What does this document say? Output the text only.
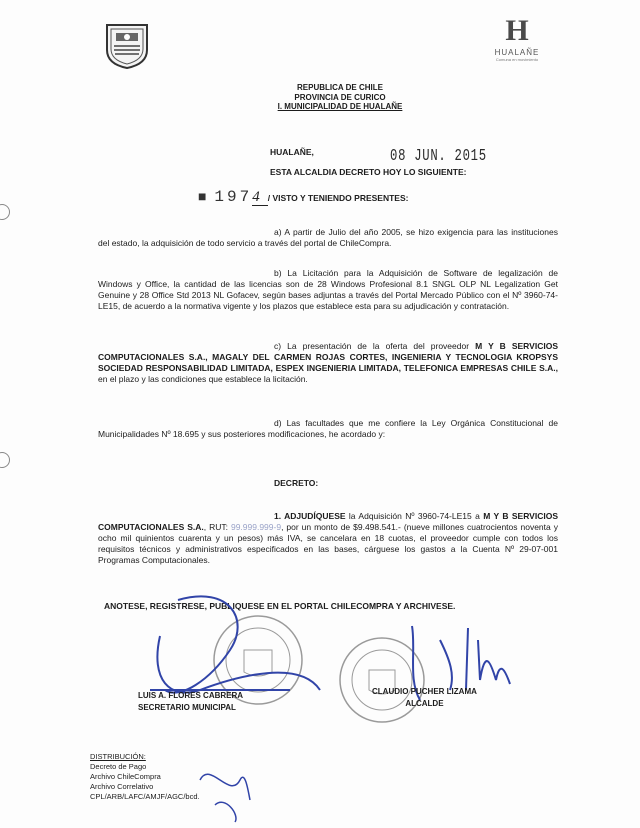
H
HUALAÑE
Comuna en movimiento
REPUBLICA DE CHILE
PROVINCIA DE CURICO
I. MUNICIPALIDAD DE HUALAÑE
HUALAÑE,	08 JUN. 2015
ESTA ALCALDIA DECRETO HOY LO SIGUIENTE:
■ 1974 / VISTO Y TENIENDO PRESENTES:
a) A partir de Julio del año 2005, se hizo exigencia para las instituciones del estado, la adquisición de todo servicio a través del portal de ChileCompra.
b) La Licitación para la Adquisición de Software de legalización de Windows y Office, la cantidad de las licencias son de 28 Windows Profesional 8.1 SNGL OLP NL Legalization Get Genuine y 28 Office Std 2013 NL Gofacev, según bases adjuntas a través del Portal Mercado Público con el Nº 3960-74-LE15, de acuerdo a la normativa vigente y los plazos que establece esta para su adjudicación y contratación.
c) La presentación de la oferta del proveedor M Y B SERVICIOS COMPUTACIONALES S.A., MAGALY DEL CARMEN ROJAS CORTES, INGENIERIA Y TECNOLOGIA KROPSYS SOCIEDAD RESPONSABILIDAD LIMITADA, ESPEX INGENIERIA LIMITADA, TELEFONICA EMPRESAS CHILE S.A., en el plazo y las condiciones que establece la licitación.
d) Las facultades que me confiere la Ley Orgánica Constitucional de Municipalidades Nº 18.695 y sus posteriores modificaciones, he acordado y:
DECRETO:
1. ADJUDÍQUESE la Adquisición Nº 3960-74-LE15 a M Y B SERVICIOS COMPUTACIONALES S.A., RUT: 99.999.999-9, por un monto de $9.498.541.- (nueve millones cuatrocientos noventa y ocho mil quinientos cuarenta y un pesos) más IVA, se cancelara en 18 cuotas, el proveedor cumple con todos los requisitos técnicos y administrativos especificados en las bases, cárguese los gastos a la Cuenta Nº 29-07-001 Programas Computacionales.
ANOTESE, REGISTRESE, PUBLIQUESE EN EL PORTAL CHILECOMPRA Y ARCHIVESE.
LUIS A. FLORES CABRERA
SECRETARIO MUNICIPAL
CLAUDIO PUCHER LIZAMA
ALCALDE
DISTRIBUCIÓN:
Decreto de Pago
Archivo ChileCompra
Archivo Correlativo
CPL/ARB/LAFC/AMJF/AGC/bcd.
